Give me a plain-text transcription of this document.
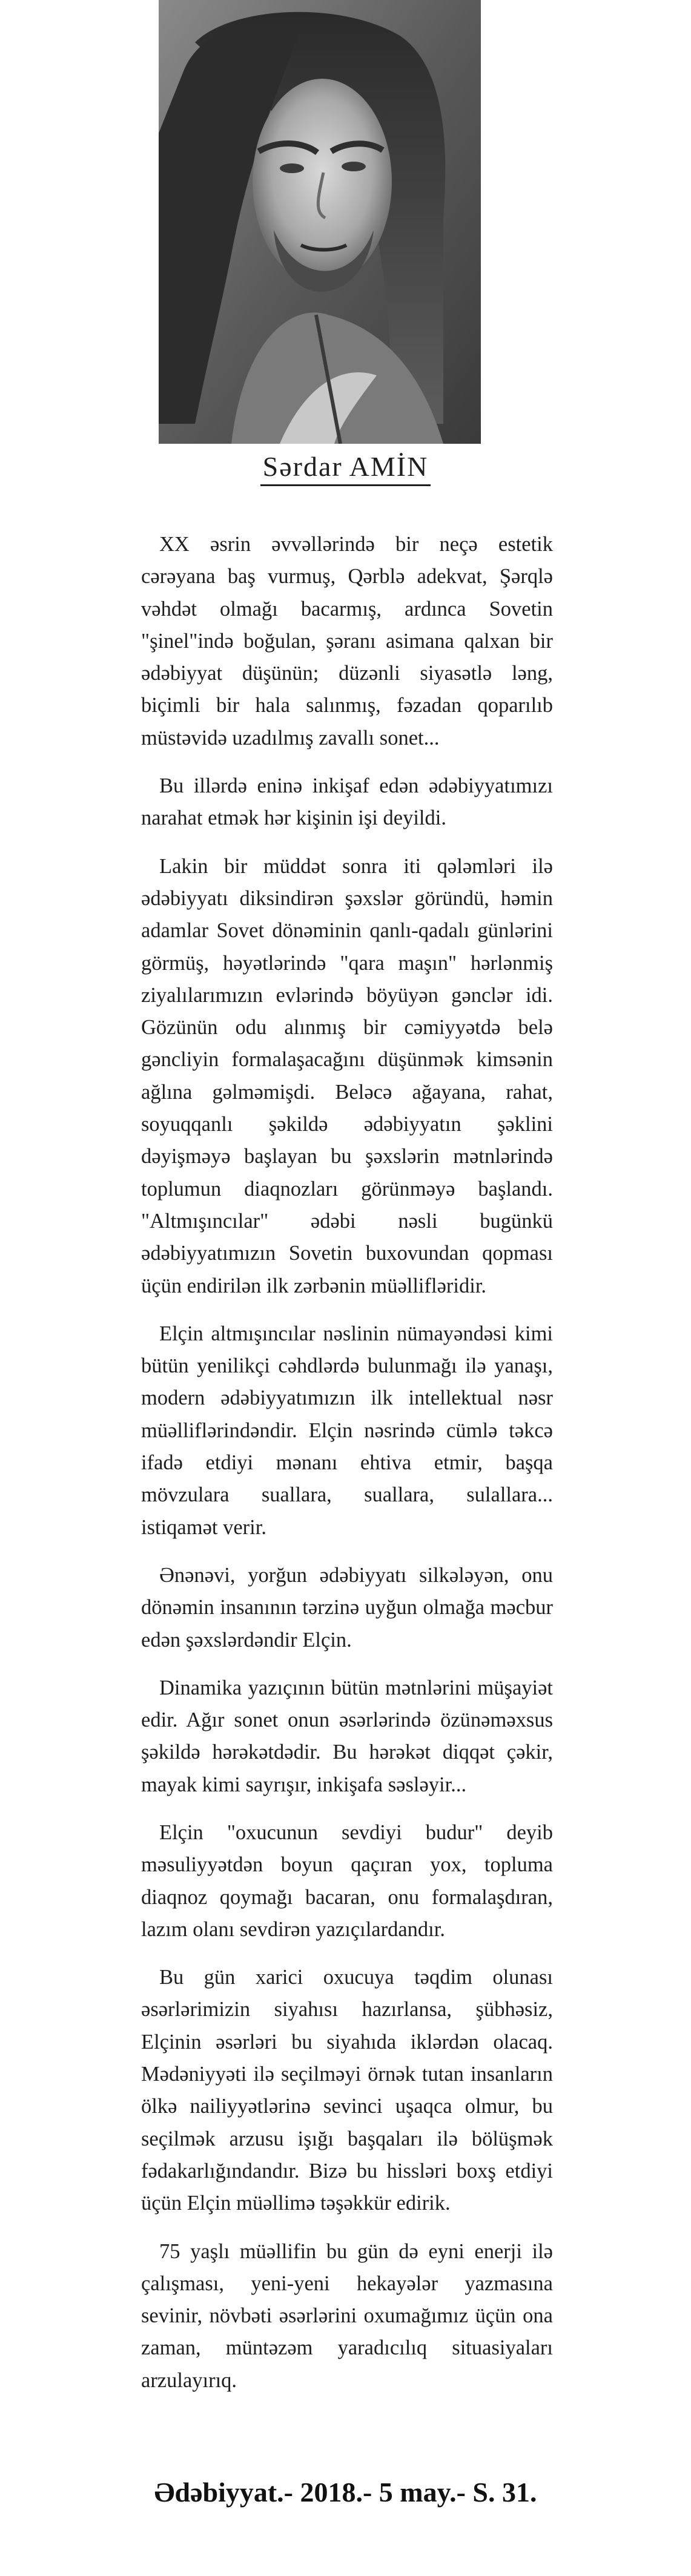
Sərdar AMİN

XX əsrin əvvəllərində bir neçə estetik cərəyana baş vurmuş, Qərblə adekvat, Şərqlə vəhdət olmağı bacarmış, ardınca Sovetin "şinel"ində boğulan, şəranı asimana qalxan bir ədəbiyyat düşünün; düzənli siyasətlə ləng, biçimli bir hala salınmış, fəzadan qoparılıb müstəvidə uzadılmış zavallı sonet...

Bu illərdə eninə inkişaf edən ədəbiyyatımızı narahat etmək hər kişinin işi deyildi.

Lakin bir müddət sonra iti qələmləri ilə ədəbiyyatı diksindirən şəxslər göründü, həmin adamlar Sovet dönəminin qanlı-qadalı günlərini görmüş, həyətlərində "qara maşın" hərlənmiş ziyalılarımızın evlərində böyüyən gənclər idi. Gözünün odu alınmış bir cəmiyyətdə belə gəncliyin formalaşacağını düşünmək kimsənin ağlına gəlməmişdi. Beləcə ağayana, rahat, soyuqqanlı şəkildə ədəbiyyatın şəklini dəyişməyə başlayan bu şəxslərin mətnlərində toplumun diaqnozları görünməyə başlandı. "Altmışıncılar" ədəbi nəsli bugünkü ədəbiyyatımızın Sovetin buxovundan qopması üçün endirilən ilk zərbənin müəllifləridir.

Elçin altmışıncılar nəslinin nümayəndəsi kimi bütün yenilikçi cəhdlərdə bulunmağı ilə yanaşı, modern ədəbiyyatımızın ilk intellektual nəsr müəlliflərindəndir. Elçin nəsrində cümlə təkcə ifadə etdiyi mənanı ehtiva etmir, başqa mövzulara suallara, suallara, sulallara... istiqamət verir.

Ənənəvi, yorğun ədəbiyyatı silkələyən, onu dönəmin insanının tərzinə uyğun olmağa məcbur edən şəxslərdəndir Elçin.

Dinamika yazıçının bütün mətnlərini müşayiət edir. Ağır sonet onun əsərlərində özünəməxsus şəkildə hərəkətdədir. Bu hərəkət diqqət çəkir, mayak kimi sayrışır, inkişafa səsləyir...

Elçin "oxucunun sevdiyi budur" deyib məsuliyyətdən boyun qaçıran yox, topluma diaqnoz qoymağı bacaran, onu formalaşdıran, lazım olanı sevdirən yazıçılardandır.

Bu gün xarici oxucuya təqdim olunası əsərlərimizin siyahısı hazırlansa, şübhəsiz, Elçinin əsərləri bu siyahıda iklərdən olacaq. Mədəniyyəti ilə seçilməyi örnək tutan insanların ölkə nailiyyətlərinə sevinci uşaqca olmur, bu seçilmək arzusu işığı başqaları ilə bölüşmək fədakarlığındandır. Bizə bu hissləri boxş etdiyi üçün Elçin müəllimə təşəkkür edirik.

75 yaşlı müəllifin bu gün də eyni enerji ilə çalışması, yeni-yeni hekayələr yazmasına sevinir, növbəti əsərlərini oxumağımız üçün ona zaman, müntəzəm yaradıcılıq situasiyaları arzulayırıq.

Ədəbiyyat.- 2018.- 5 may.- S. 31.
